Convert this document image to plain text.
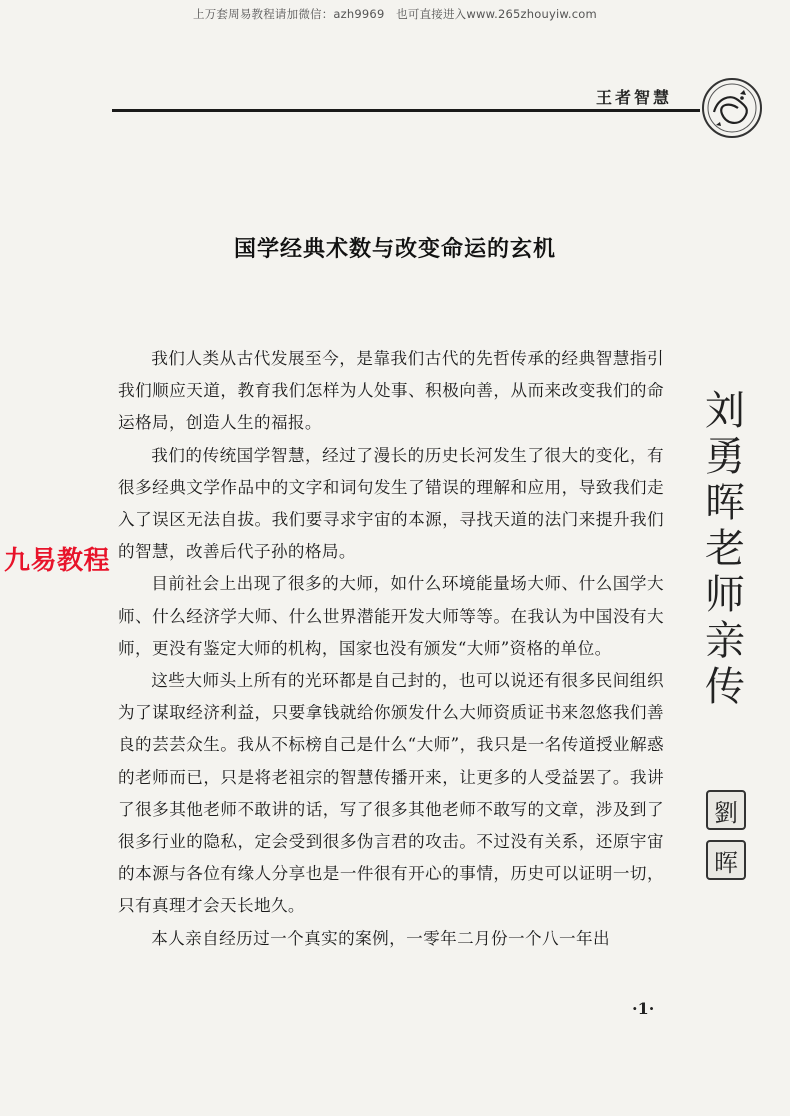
上万套周易教程请加微信：azh9969　也可直接进入www.265zhouyiw.com
王者智慧
国学经典术数与改变命运的玄机

我们人类从古代发展至今，是靠我们古代的先哲传承的经典智慧指引我们顺应天道，教育我们怎样为人处事、积极向善，从而来改变我们的命运格局，创造人生的福报。

我们的传统国学智慧，经过了漫长的历史长河发生了很大的变化，有很多经典文学作品中的文字和词句发生了错误的理解和应用，导致我们走入了误区无法自拔。我们要寻求宇宙的本源，寻找天道的法门来提升我们的智慧，改善后代子孙的格局。

目前社会上出现了很多的大师，如什么环境能量场大师、什么国学大师、什么经济学大师、什么世界潜能开发大师等等。在我认为中国没有大师，更没有鉴定大师的机构，国家也没有颁发“大师”资格的单位。

这些大师头上所有的光环都是自己封的，也可以说还有很多民间组织为了谋取经济利益，只要拿钱就给你颁发什么大师资质证书来忽悠我们善良的芸芸众生。我从不标榜自己是什么“大师”，我只是一名传道授业解惑的老师而已，只是将老祖宗的智慧传播开来，让更多的人受益罢了。我讲了很多其他老师不敢讲的话，写了很多其他老师不敢写的文章，涉及到了很多行业的隐私，定会受到很多伪言君的攻击。不过没有关系，还原宇宙的本源与各位有缘人分享也是一件很有开心的事情，历史可以证明一切，只有真理才会天长地久。

本人亲自经历过一个真实的案例，一零年二月份一个八一年出

刘
勇
晖
老
师
亲
传
劉
晖
九易教程
·1·
